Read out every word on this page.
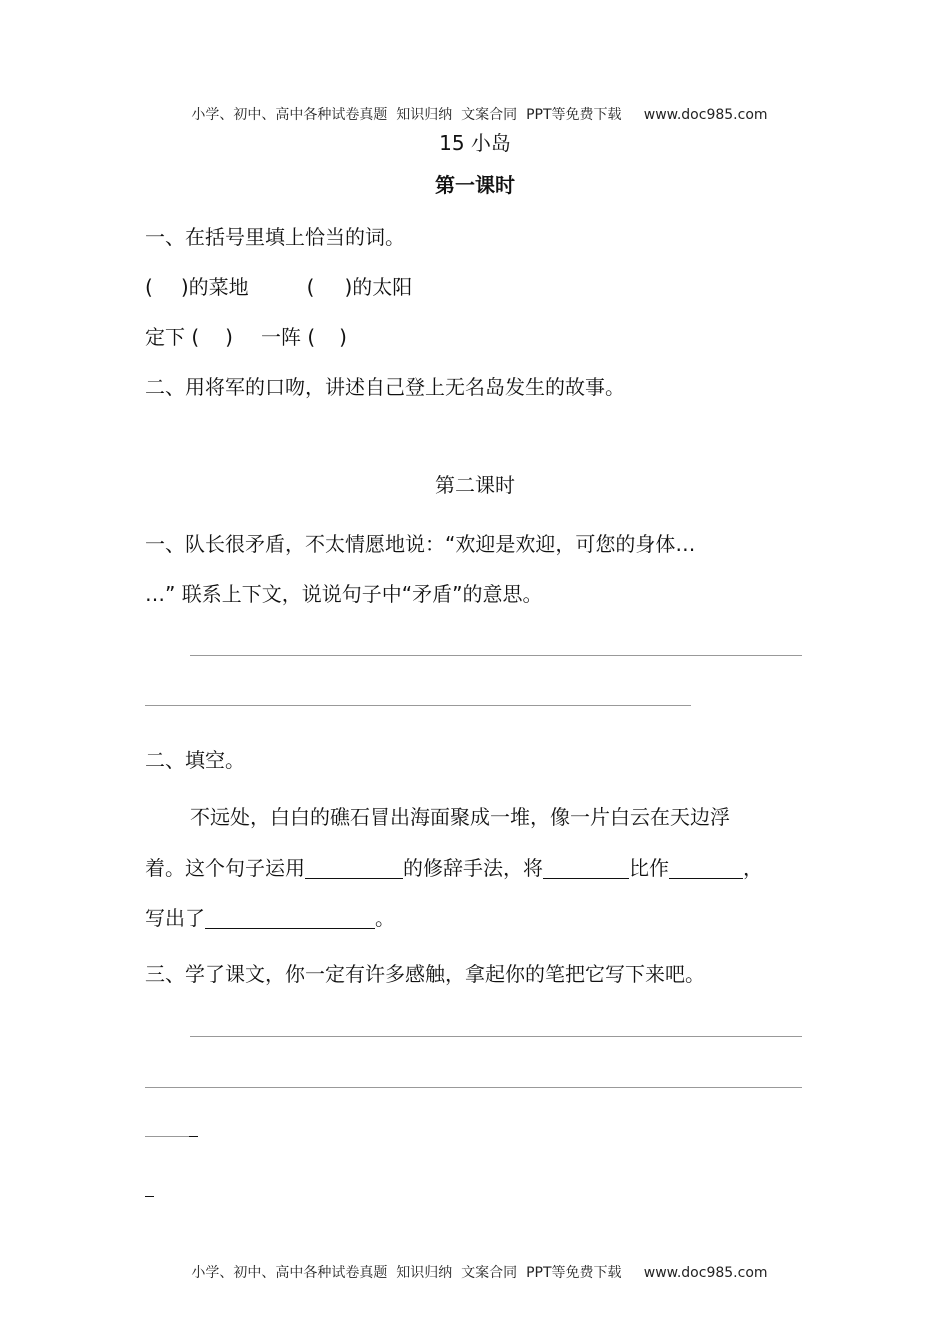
小学、初中、高中各种试卷真题  知识归纳  文案合同  PPT等免费下载 www.doc985.com

15 小岛
第一课时
一、在括号里填上恰当的词。
( )的菜地	( )的太阳
定下 ( ) 一阵 ( )
二、用将军的口吻，讲述自己登上无名岛发生的故事。
第二课时
一、队长很矛盾，不太情愿地说：“欢迎是欢迎，可您的身体…
…” 联系上下文，说说句子中“矛盾”的意思。
二、填空。
不远处，白白的礁石冒出海面聚成一堆，像一片白云在天边浮
着。这个句子运用	的修辞手法，将	比作	，
写出了	。
三、学了课文，你一定有许多感触，拿起你的笔把它写下来吧。

小学、初中、高中各种试卷真题  知识归纳  文案合同  PPT等免费下载 www.doc985.com
